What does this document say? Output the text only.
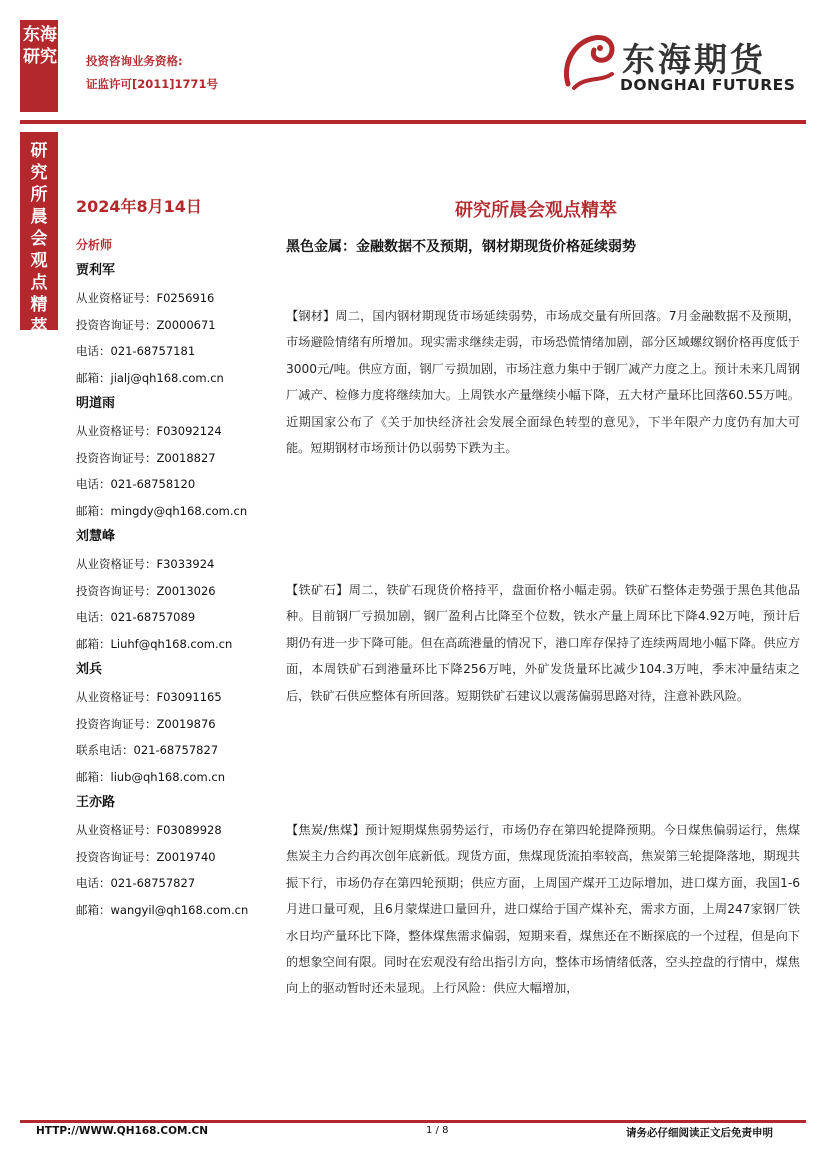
东海研究	投资咨询业务资格:
证监许可[2011]1771号
东海期货
DONGHAI FUTURES
研究所晨会观点精萃
2024年8月14日
分析师
贾利军
从业资格证号：F0256916
投资咨询证号：Z0000671
电话：021-68757181
邮箱：jialj@qh168.com.cn
明道雨
从业资格证号：F03092124
投资咨询证号：Z0018827
电话：021-68758120
邮箱：mingdy@qh168.com.cn
刘慧峰
从业资格证号：F3033924
投资咨询证号：Z0013026
电话：021-68757089
邮箱：Liuhf@qh168.com.cn
刘兵
从业资格证号：F03091165
投资咨询证号：Z0019876
联系电话：021-68757827
邮箱：liub@qh168.com.cn
王亦路
从业资格证号：F03089928
投资咨询证号：Z0019740
电话：021-68757827
邮箱：wangyil@qh168.com.cn
研究所晨会观点精萃
黑色金属：金融数据不及预期，钢材期现货价格延续弱势
【钢材】周二，国内钢材期现货市场延续弱势，市场成交量有所回落。7月金融数据不及预期，市场避险情绪有所增加。现实需求继续走弱，市场恐慌情绪加剧，部分区域螺纹钢价格再度低于3000元/吨。供应方面，钢厂亏损加剧，市场注意力集中于钢厂减产力度之上。预计未来几周钢厂减产、检修力度将继续加大。上周铁水产量继续小幅下降，五大材产量环比回落60.55万吨。近期国家公布了《关于加快经济社会发展全面绿色转型的意见》，下半年限产力度仍有加大可能。短期钢材市场预计仍以弱势下跌为主。
【铁矿石】周二，铁矿石现货价格持平，盘面价格小幅走弱。铁矿石整体走势强于黑色其他品种。目前钢厂亏损加剧，钢厂盈利占比降至个位数，铁水产量上周环比下降4.92万吨，预计后期仍有进一步下降可能。但在高疏港量的情况下，港口库存保持了连续两周地小幅下降。供应方面，本周铁矿石到港量环比下降256万吨，外矿发货量环比减少104.3万吨，季末冲量结束之后，铁矿石供应整体有所回落。短期铁矿石建议以震荡偏弱思路对待，注意补跌风险。
【焦炭/焦煤】预计短期煤焦弱势运行，市场仍存在第四轮提降预期。今日煤焦偏弱运行，焦煤焦炭主力合约再次创年底新低。现货方面，焦煤现货流拍率较高，焦炭第三轮提降落地，期现共振下行，市场仍存在第四轮预期；供应方面，上周国产煤开工边际增加，进口煤方面，我国1-6月进口量可观，且6月蒙煤进口量回升，进口煤给于国产煤补充，需求方面，上周247家钢厂铁水日均产量环比下降，整体煤焦需求偏弱，短期来看，煤焦还在不断探底的一个过程，但是向下的想象空间有限。同时在宏观没有给出指引方向，整体市场情绪低落，空头控盘的行情中，煤焦向上的驱动暂时还未显现。上行风险：供应大幅增加，
HTTP://WWW.QH168.COM.CN	1 / 8	请务必仔细阅读正文后免责申明
